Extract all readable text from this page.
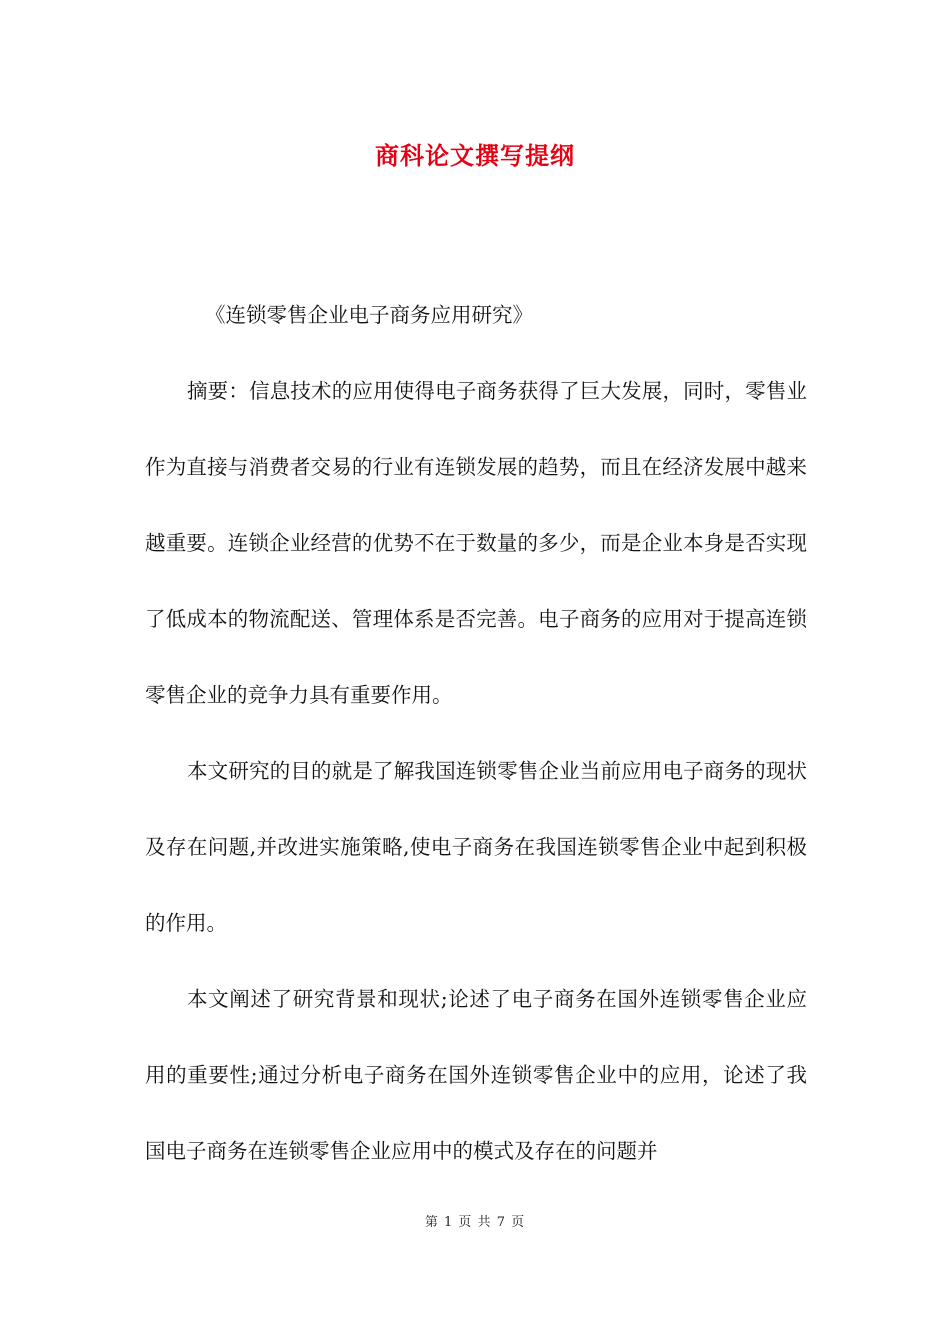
商科论文撰写提纲

《连锁零售企业电子商务应用研究》

摘要：信息技术的应用使得电子商务获得了巨大发展，同时，零售业作为直接与消费者交易的行业有连锁发展的趋势，而且在经济发展中越来越重要。连锁企业经营的优势不在于数量的多少，而是企业本身是否实现了低成本的物流配送、管理体系是否完善。电子商务的应用对于提高连锁零售企业的竞争力具有重要作用。

本文研究的目的就是了解我国连锁零售企业当前应用电子商务的现状及存在问题,并改进实施策略,使电子商务在我国连锁零售企业中起到积极的作用。

本文阐述了研究背景和现状;论述了电子商务在国外连锁零售企业应用的重要性;通过分析电子商务在国外连锁零售企业中的应用，论述了我国电子商务在连锁零售企业应用中的模式及存在的问题并

第 1 页 共 7 页
